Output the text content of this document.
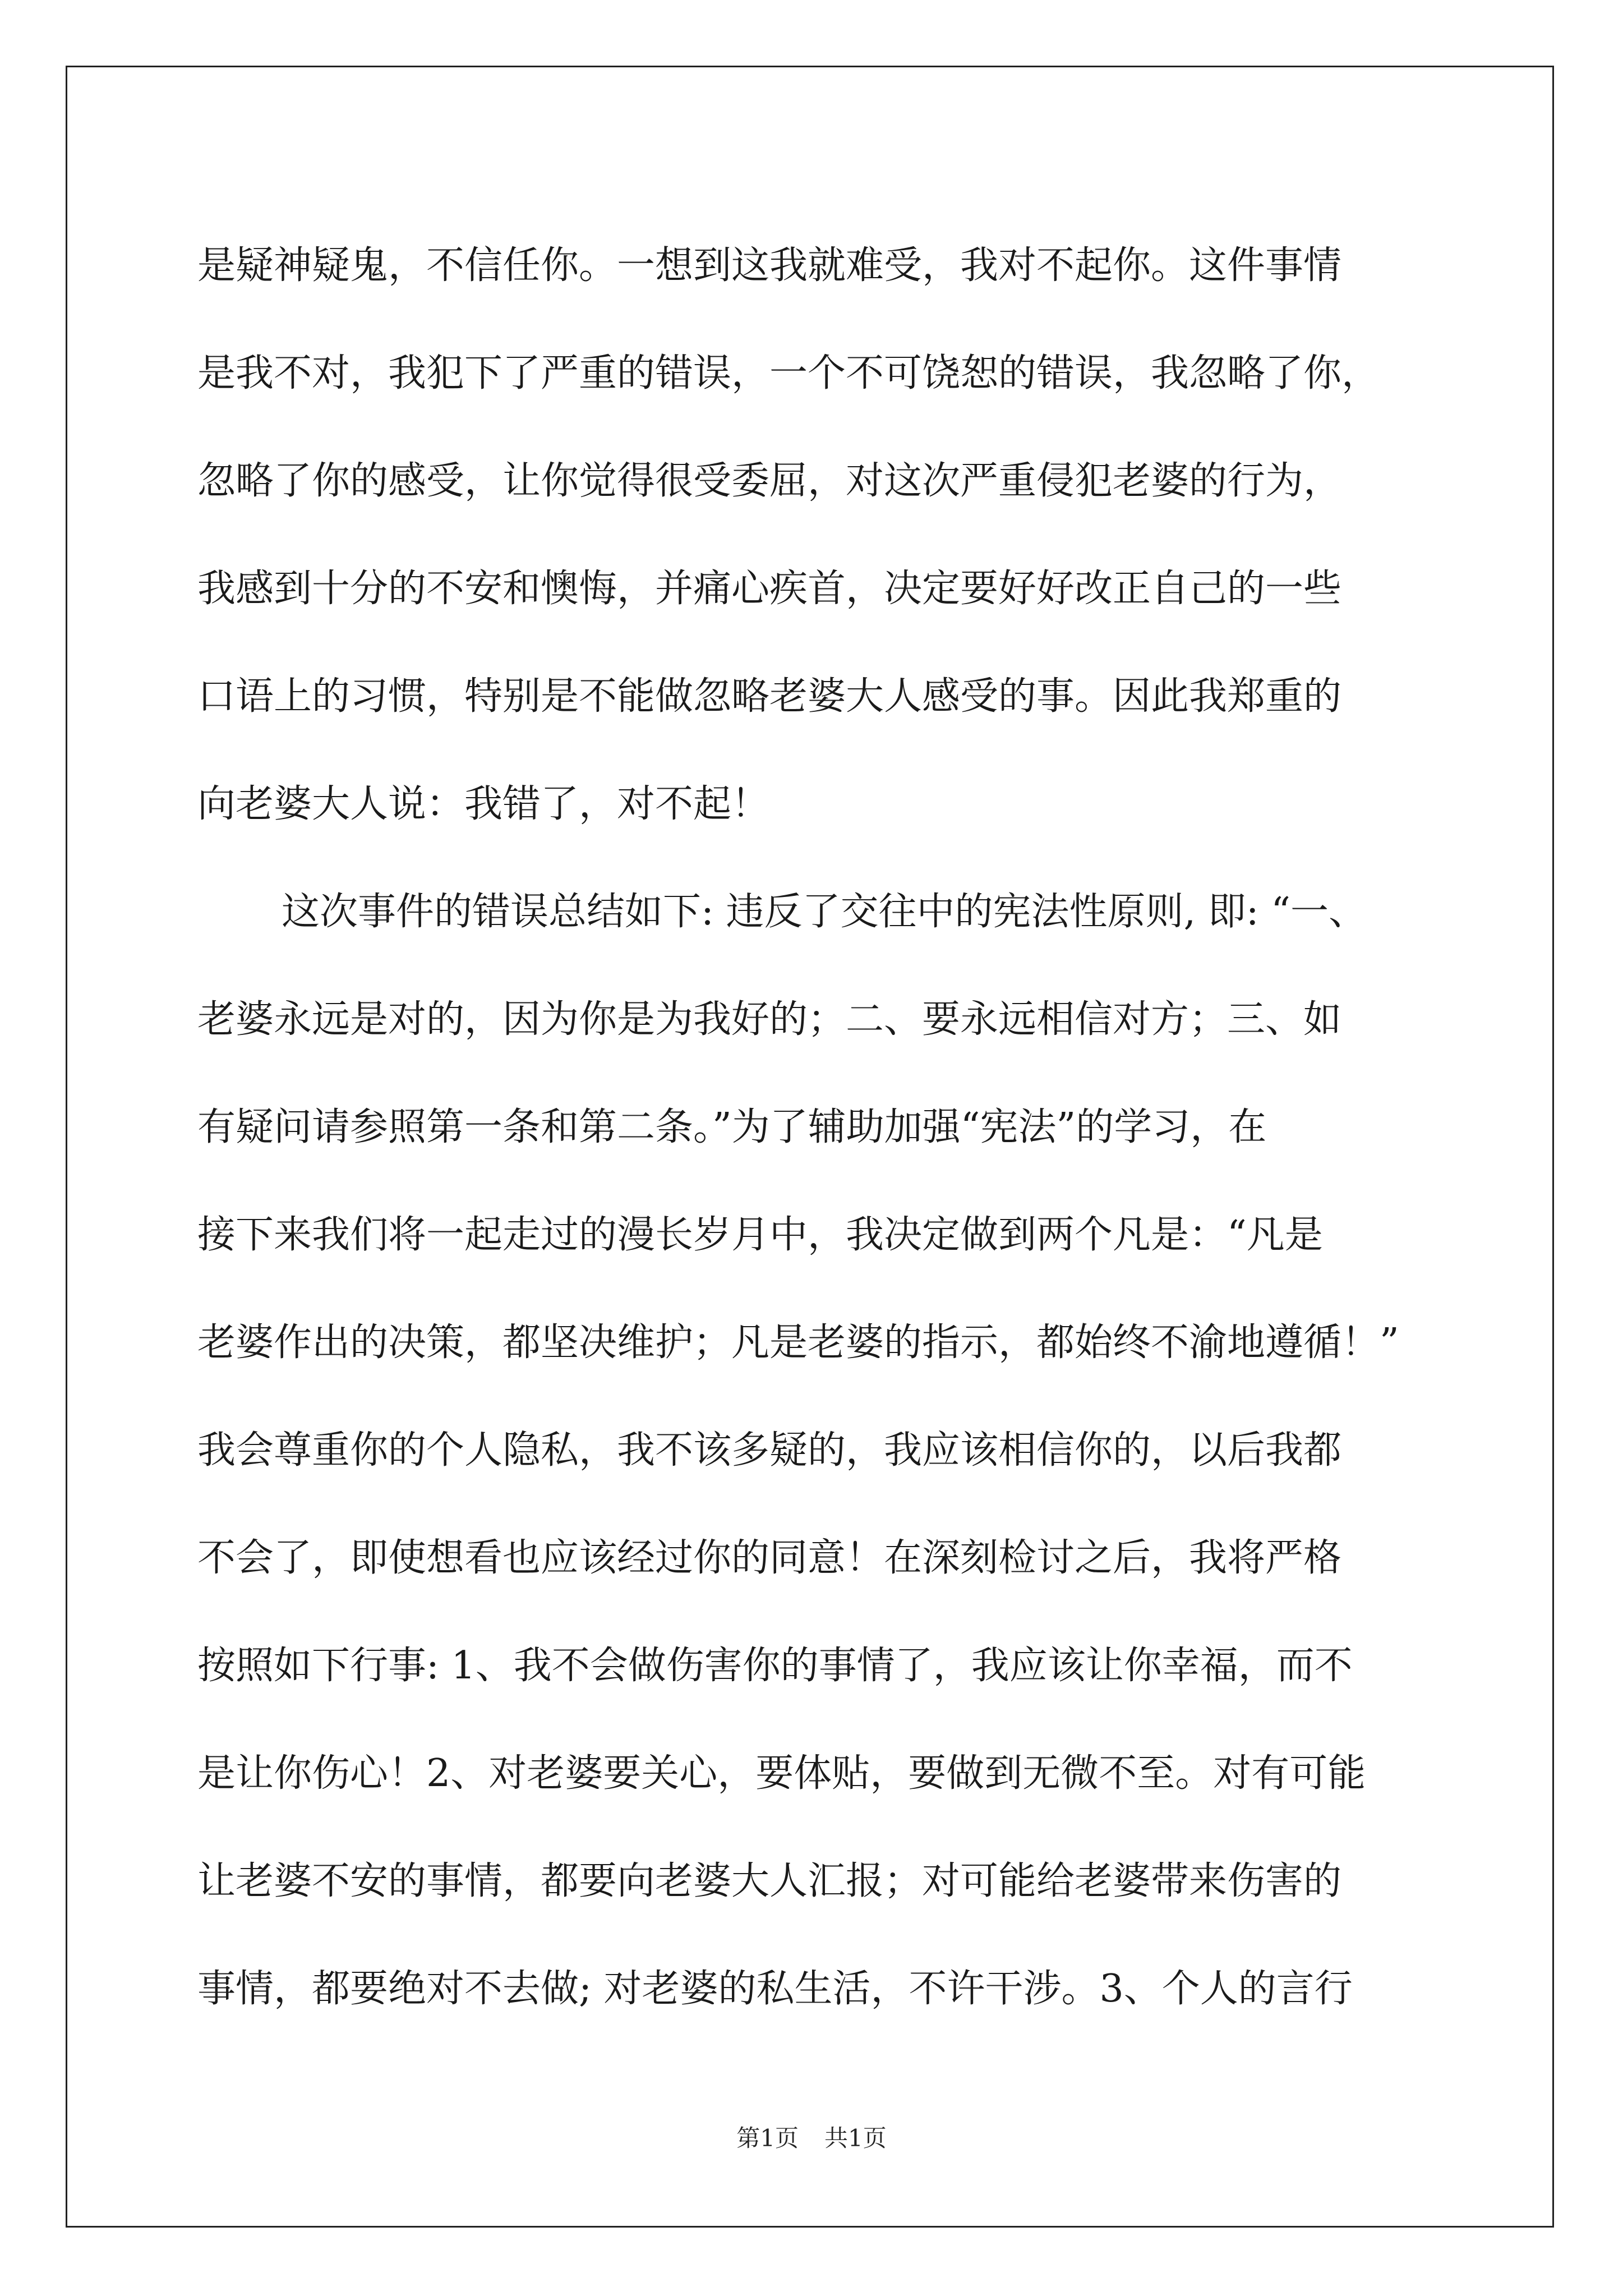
是疑神疑鬼，不信任你。一想到这我就难受，我对不起你。这件事情
是我不对，我犯下了严重的错误，一个不可饶恕的错误，我忽略了你，
忽略了你的感受，让你觉得很受委屈，对这次严重侵犯老婆的行为，
我感到十分的不安和懊悔，并痛心疾首，决定要好好改正自己的一些
口语上的习惯，特别是不能做忽略老婆大人感受的事。因此我郑重的
向老婆大人说：我错了，对不起！
这次事件的错误总结如下: 违反了交往中的宪法性原则, 即: “一、
老婆永远是对的，因为你是为我好的；二、要永远相信对方；三、如
有疑问请参照第一条和第二条。”为了辅助加强“宪法”的学习，在
接下来我们将一起走过的漫长岁月中，我决定做到两个凡是：“凡是
老婆作出的决策，都坚决维护；凡是老婆的指示，都始终不渝地遵循！”
我会尊重你的个人隐私，我不该多疑的，我应该相信你的，以后我都
不会了，即使想看也应该经过你的同意！在深刻检讨之后，我将严格
按照如下行事: 1、我不会做伤害你的事情了，我应该让你幸福，而不
是让你伤心！2、对老婆要关心，要体贴，要做到无微不至。对有可能
让老婆不安的事情，都要向老婆大人汇报；对可能给老婆带来伤害的
事情，都要绝对不去做; 对老婆的私生活，不许干涉。3、个人的言行
第1页 共1页
